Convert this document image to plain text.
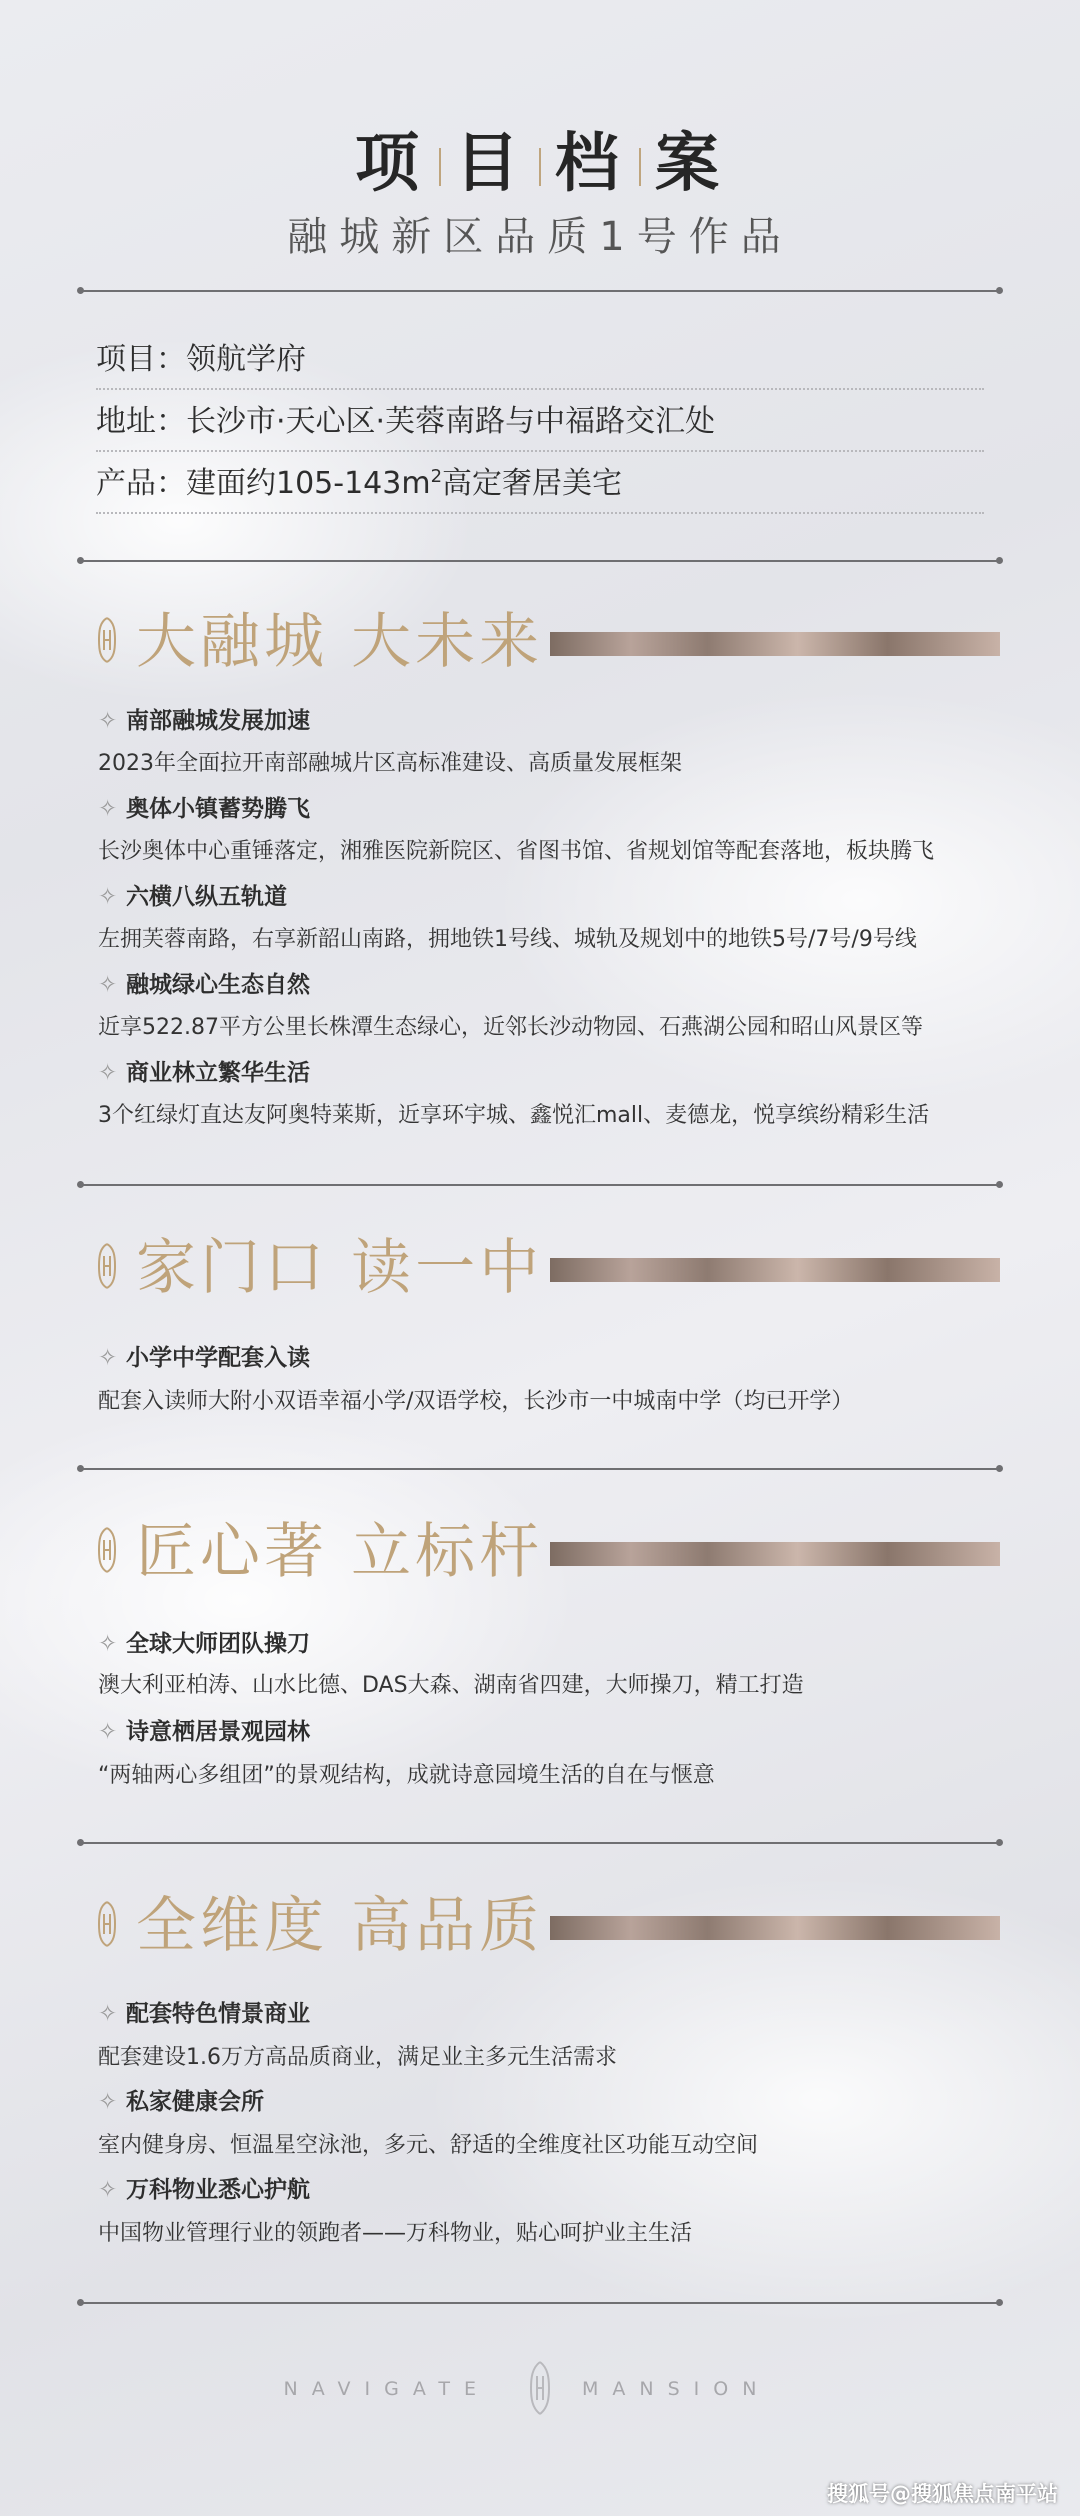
项 目 档 案
融城新区品质1号作品
项目：领航学府
地址：长沙市·天心区·芙蓉南路与中福路交汇处
产品：建面约$105-143m^2$高定奢居美宅
大融城 大未来
✧ 南部融城发展加速
2023年全面拉开南部融城片区高标准建设、高质量发展框架
✧ 奥体小镇蓄势腾飞
长沙奥体中心重锤落定，湘雅医院新院区、省图书馆、省规划馆等配套落地，板块腾飞
✧ 六横八纵五轨道
左拥芙蓉南路，右享新韶山南路，拥地铁1号线、城轨及规划中的地铁5号/7号/9号线
✧ 融城绿心生态自然
近享522.87平方公里长株潭生态绿心，近邻长沙动物园、石燕湖公园和昭山风景区等
✧ 商业林立繁华生活
3个红绿灯直达友阿奥特莱斯，近享环宇城、鑫悦汇mall、麦德龙，悦享缤纷精彩生活
家门口 读一中
✧ 小学中学配套入读
配套入读师大附小双语幸福小学/双语学校，长沙市一中城南中学（均已开学）
匠心著 立标杆
✧ 全球大师团队操刀
澳大利亚柏涛、山水比德、DAS大森、湖南省四建，大师操刀，精工打造
✧ 诗意栖居景观园林
“两轴两心多组团”的景观结构，成就诗意园境生活的自在与惬意
全维度 高品质
✧ 配套特色情景商业
配套建设1.6万方高品质商业，满足业主多元生活需求
✧ 私家健康会所
室内健身房、恒温星空泳池，多元、舒适的全维度社区功能互动空间
✧ 万科物业悉心护航
中国物业管理行业的领跑者——万科物业，贴心呵护业主生活
NAVIGATE	MANSION
搜狐号@搜狐焦点南平站
